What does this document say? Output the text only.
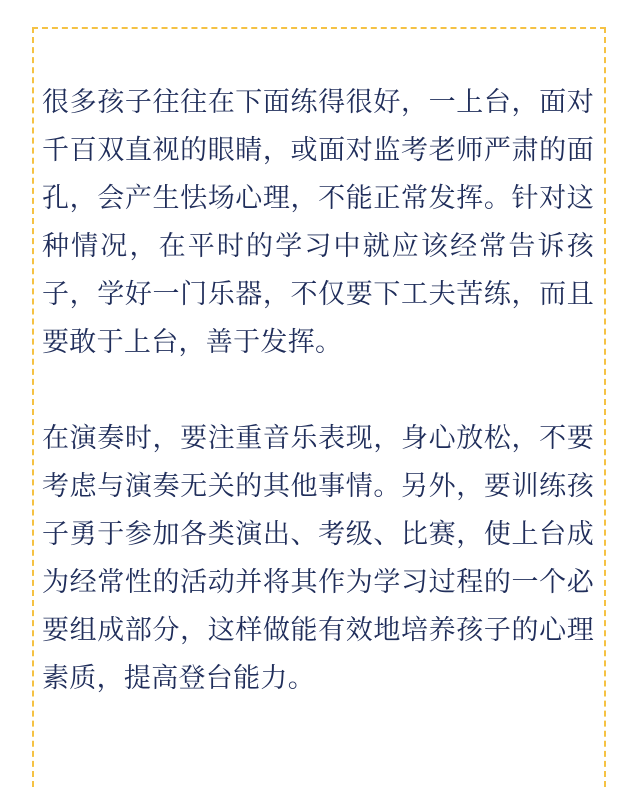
很多孩子往往在下面练得很好，一上台，面对千百双直视的眼睛，或面对监考老师严肃的面孔，会产生怯场心理，不能正常发挥。针对这种情况，在平时的学习中就应该经常告诉孩子，学好一门乐器，不仅要下工夫苦练，而且要敢于上台，善于发挥。

在演奏时，要注重音乐表现，身心放松，不要考虑与演奏无关的其他事情。另外，要训练孩子勇于参加各类演出、考级、比赛，使上台成为经常性的活动并将其作为学习过程的一个必要组成部分，这样做能有效地培养孩子的心理素质，提高登台能力。
